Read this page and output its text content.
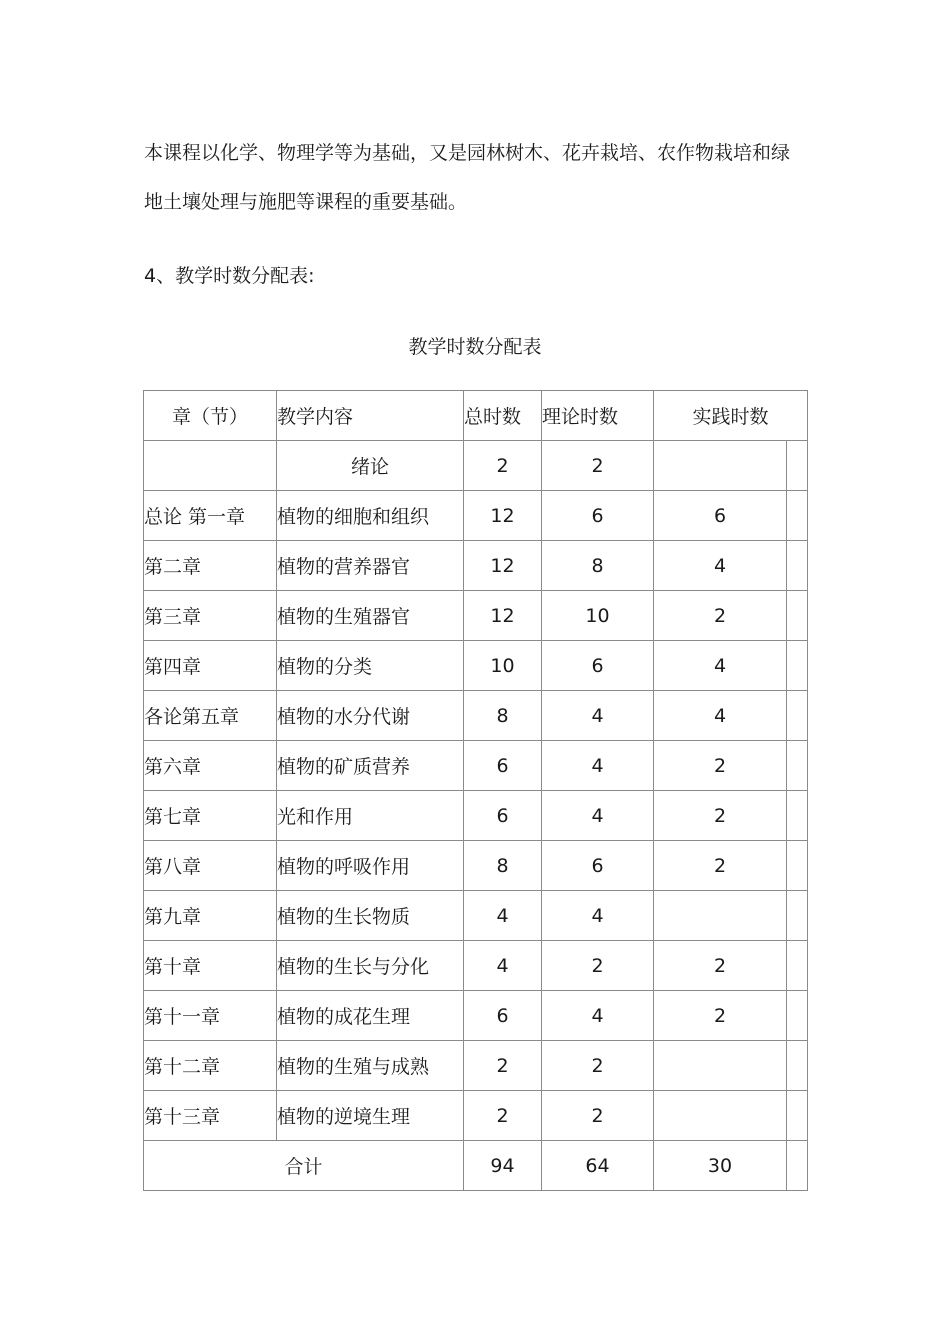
本课程以化学、物理学等为基础，又是园林树木、花卉栽培、农作物栽培和绿
地土壤处理与施肥等课程的重要基础。
4、教学时数分配表:
教学时数分配表
章（节）	教学内容	总时数	理论时数	实践时数	
	绪论	2	2		
总论 第一章	植物的细胞和组织	12	6	6	
第二章	植物的营养器官	12	8	4	
第三章	植物的生殖器官	12	10	2	
第四章	植物的分类	10	6	4	
各论第五章	植物的水分代谢	8	4	4	
第六章	植物的矿质营养	6	4	2	
第七章	光和作用	6	4	2	
第八章	植物的呼吸作用	8	6	2	
第九章	植物的生长物质	4	4		
第十章	植物的生长与分化	4	2	2	
第十一章	植物的成花生理	6	4	2	
第十二章	植物的生殖与成熟	2	2		
第十三章	植物的逆境生理	2	2		
合计		94	64	30	
